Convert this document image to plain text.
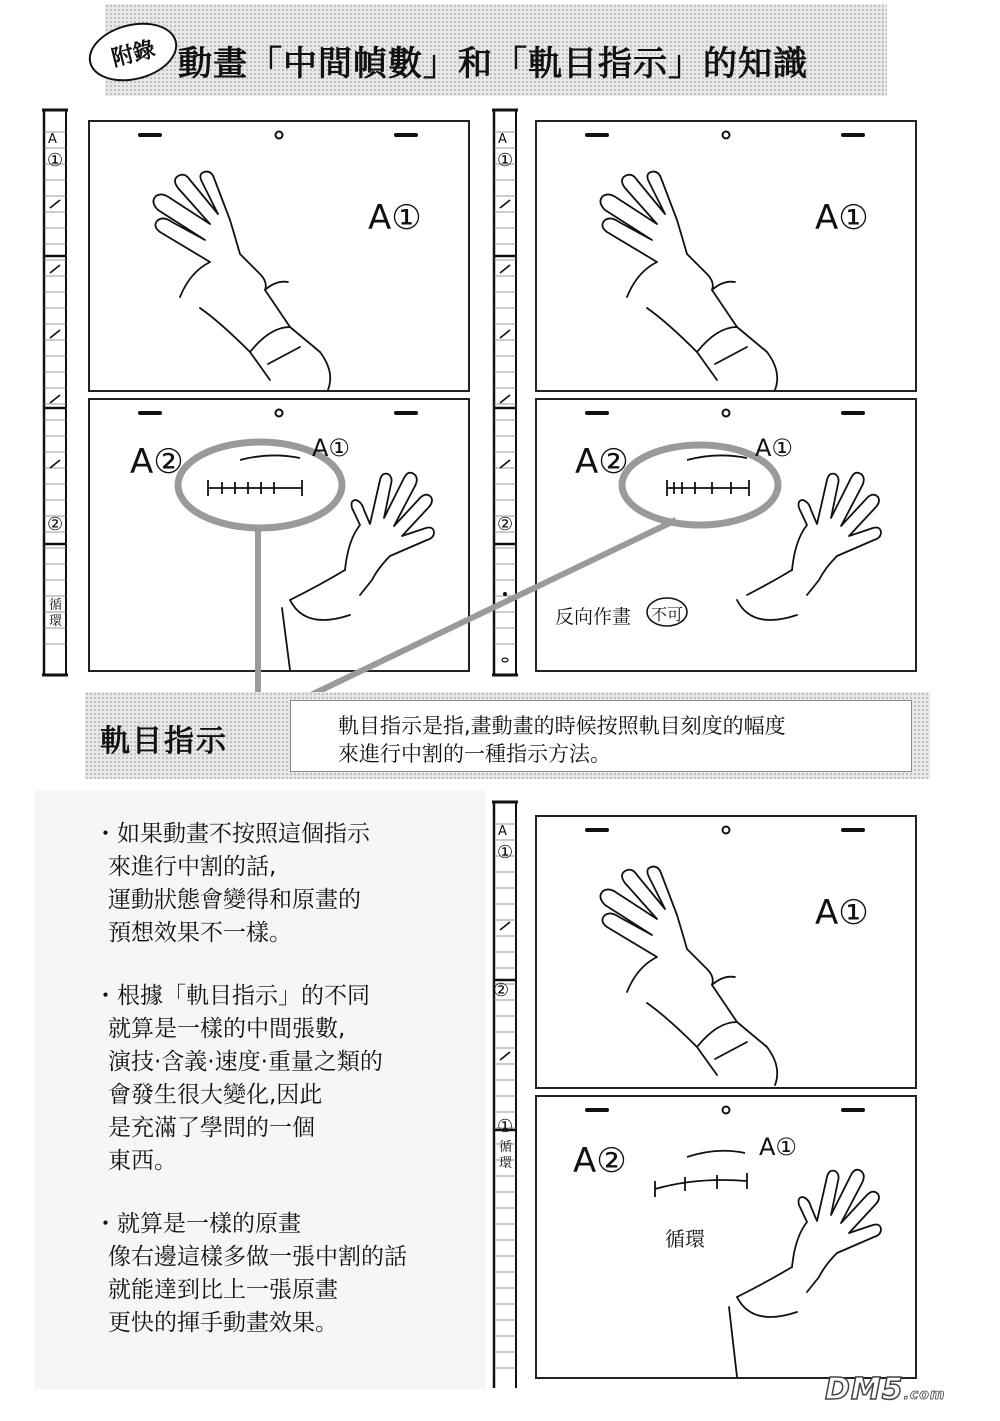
附錄 動畫「中間幀數」和「軌目指示」的知識
A
①
②
循環
A①
A②	A①
A
①
②
A①
A②	A①
反向作畫 不可
軌目指示	軌目指示是指,畫動畫的時候按照軌目刻度的幅度
來進行中割的一種指示方法。
・如果動畫不按照這個指示
來進行中割的話,
運動狀態會變得和原畫的
預想效果不一樣。
・根據「軌目指示」的不同
就算是一樣的中間張數,
演技·含義·速度·重量之類的
會發生很大變化,因此
是充滿了學問的一個
東西。
・就算是一樣的原畫
像右邊這樣多做一張中割的話
就能達到比上一張原畫
更快的揮手動畫效果。
A
①
②
①
循環
A①
A②	A①
循環
DM5.com
